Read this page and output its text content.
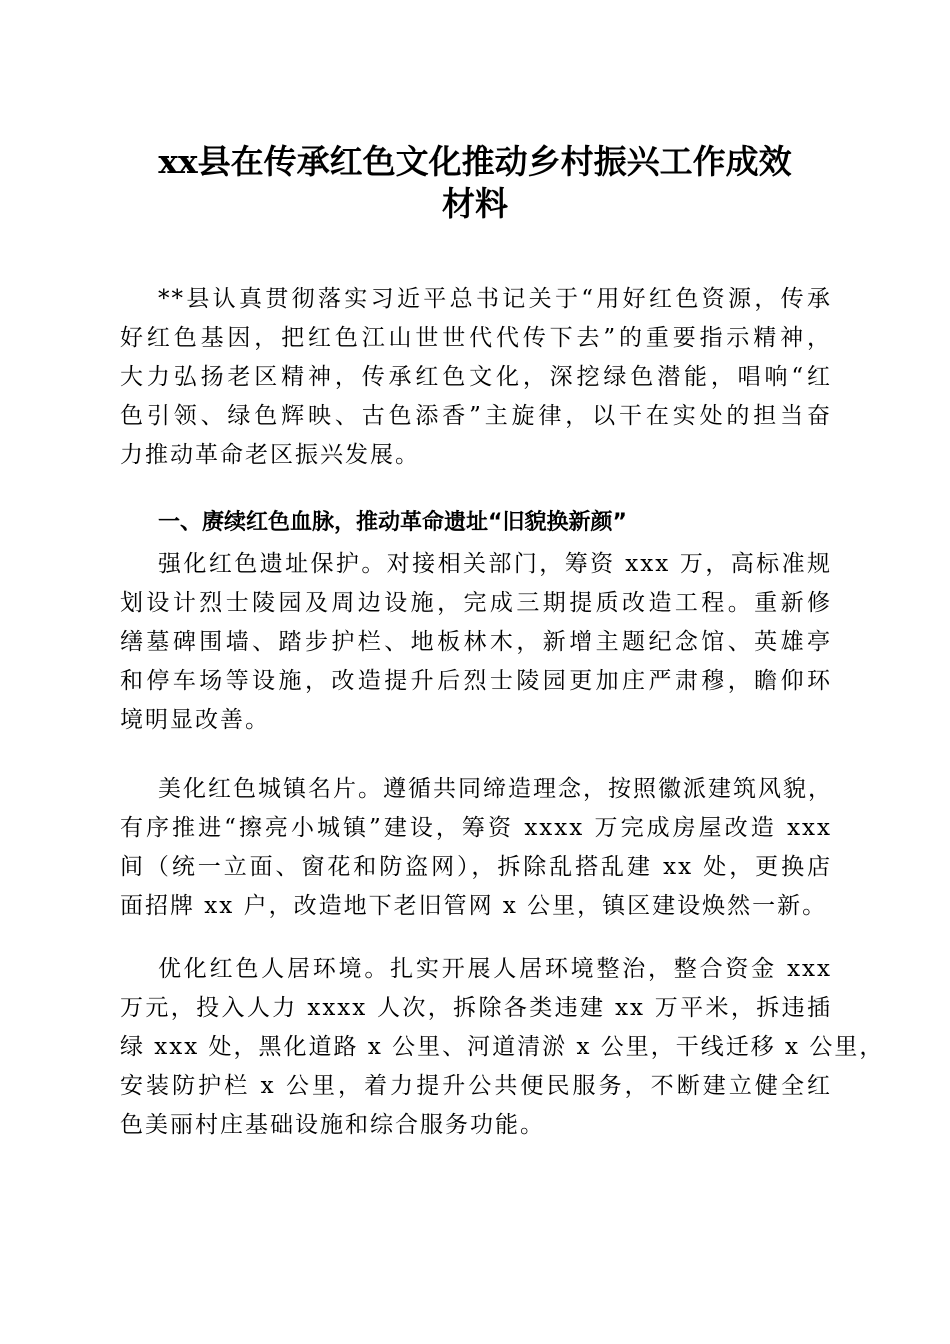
xx县在传承红色文化推动乡村振兴工作成效
材料
**县认真贯彻落实习近平总书记关于“用好红色资源，传承
好红色基因，把红色江山世世代代传下去”的重要指示精神，
大力弘扬老区精神，传承红色文化，深挖绿色潜能，唱响“红
色引领、绿色辉映、古色添香”主旋律，以干在实处的担当奋
力推动革命老区振兴发展。
一、赓续红色血脉，推动革命遗址“旧貌换新颜”
强化红色遗址保护。对接相关部门，筹资 xxx 万，高标准规
划设计烈士陵园及周边设施，完成三期提质改造工程。重新修
缮墓碑围墙、踏步护栏、地板林木，新增主题纪念馆、英雄亭
和停车场等设施，改造提升后烈士陵园更加庄严肃穆，瞻仰环
境明显改善。
美化红色城镇名片。遵循共同缔造理念，按照徽派建筑风貌，
有序推进“擦亮小城镇”建设，筹资 xxxx 万完成房屋改造 xxx
间（统一立面、窗花和防盗网），拆除乱搭乱建 xx 处，更换店
面招牌 xx 户，改造地下老旧管网 x 公里，镇区建设焕然一新。
优化红色人居环境。扎实开展人居环境整治，整合资金 xxx
万元，投入人力 xxxx 人次，拆除各类违建 xx 万平米，拆违插
绿 xxx 处，黑化道路 x 公里、河道清淤 x 公里，干线迁移 x 公里，
安装防护栏 x 公里，着力提升公共便民服务，不断建立健全红
色美丽村庄基础设施和综合服务功能。
